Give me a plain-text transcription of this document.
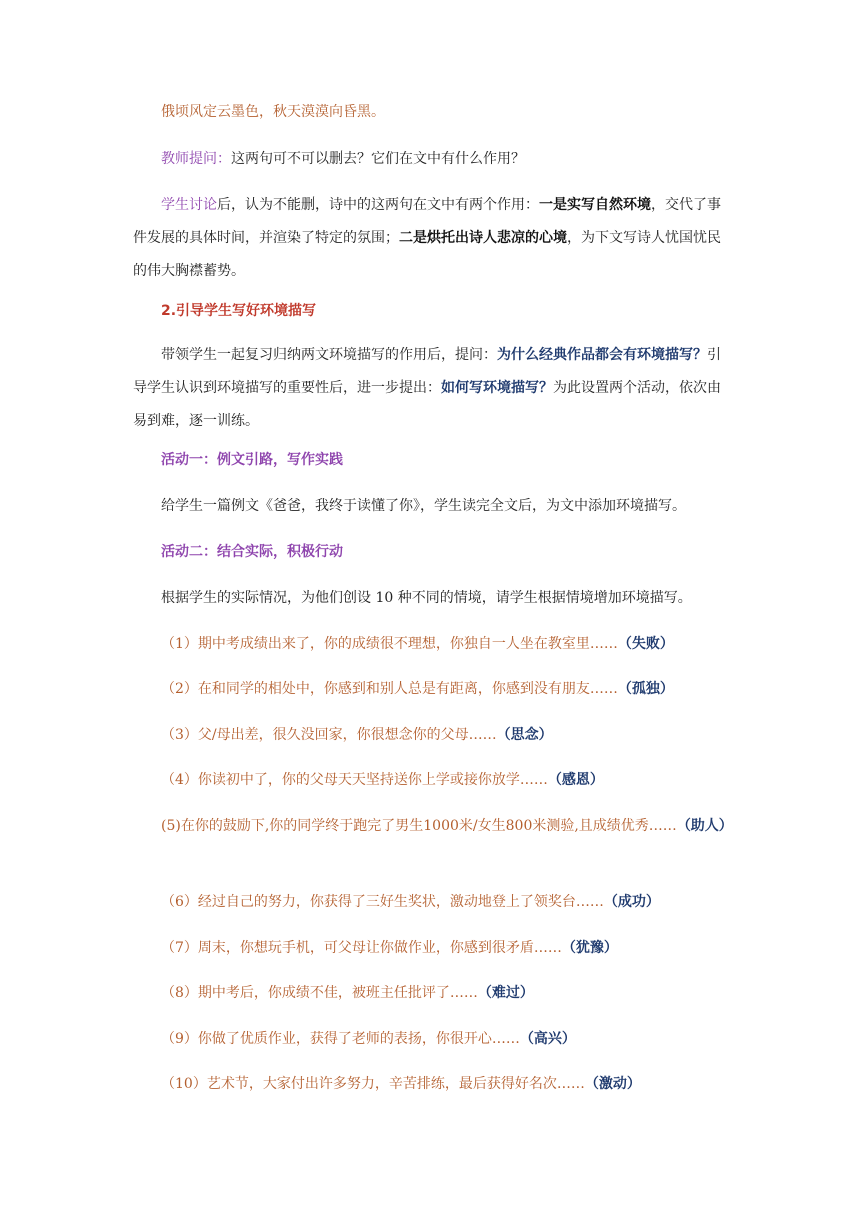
俄顷风定云墨色，秋天漠漠向昏黑。

教师提问：这两句可不可以删去？它们在文中有什么作用？

学生讨论后，认为不能删，诗中的这两句在文中有两个作用：一是实写自然环境，交代了事件发展的具体时间，并渲染了特定的氛围；二是烘托出诗人悲凉的心境，为下文写诗人忧国忧民的伟大胸襟蓄势。

2.引导学生写好环境描写

带领学生一起复习归纳两文环境描写的作用后，提问：为什么经典作品都会有环境描写？引导学生认识到环境描写的重要性后，进一步提出：如何写环境描写？为此设置两个活动，依次由易到难，逐一训练。

活动一：例文引路，写作实践

给学生一篇例文《爸爸，我终于读懂了你》，学生读完全文后，为文中添加环境描写。

活动二：结合实际，积极行动

根据学生的实际情况，为他们创设 10 种不同的情境，请学生根据情境增加环境描写。

（1）期中考成绩出来了，你的成绩很不理想，你独自一人坐在教室里……（失败）

（2）在和同学的相处中，你感到和别人总是有距离，你感到没有朋友……（孤独）

（3）父/母出差，很久没回家，你很想念你的父母……（思念）

（4）你读初中了，你的父母天天坚持送你上学或接你放学……（感恩）

(5)在你的鼓励下,你的同学终于跑完了男生1000米/女生800米测验,且成绩优秀……（助人）

（6）经过自己的努力，你获得了三好生奖状，激动地登上了领奖台……（成功）

（7）周末，你想玩手机，可父母让你做作业，你感到很矛盾……（犹豫）

（8）期中考后，你成绩不佳，被班主任批评了……（难过）

（9）你做了优质作业，获得了老师的表扬，你很开心……（高兴）

（10）艺术节，大家付出许多努力，辛苦排练，最后获得好名次……（激动）
